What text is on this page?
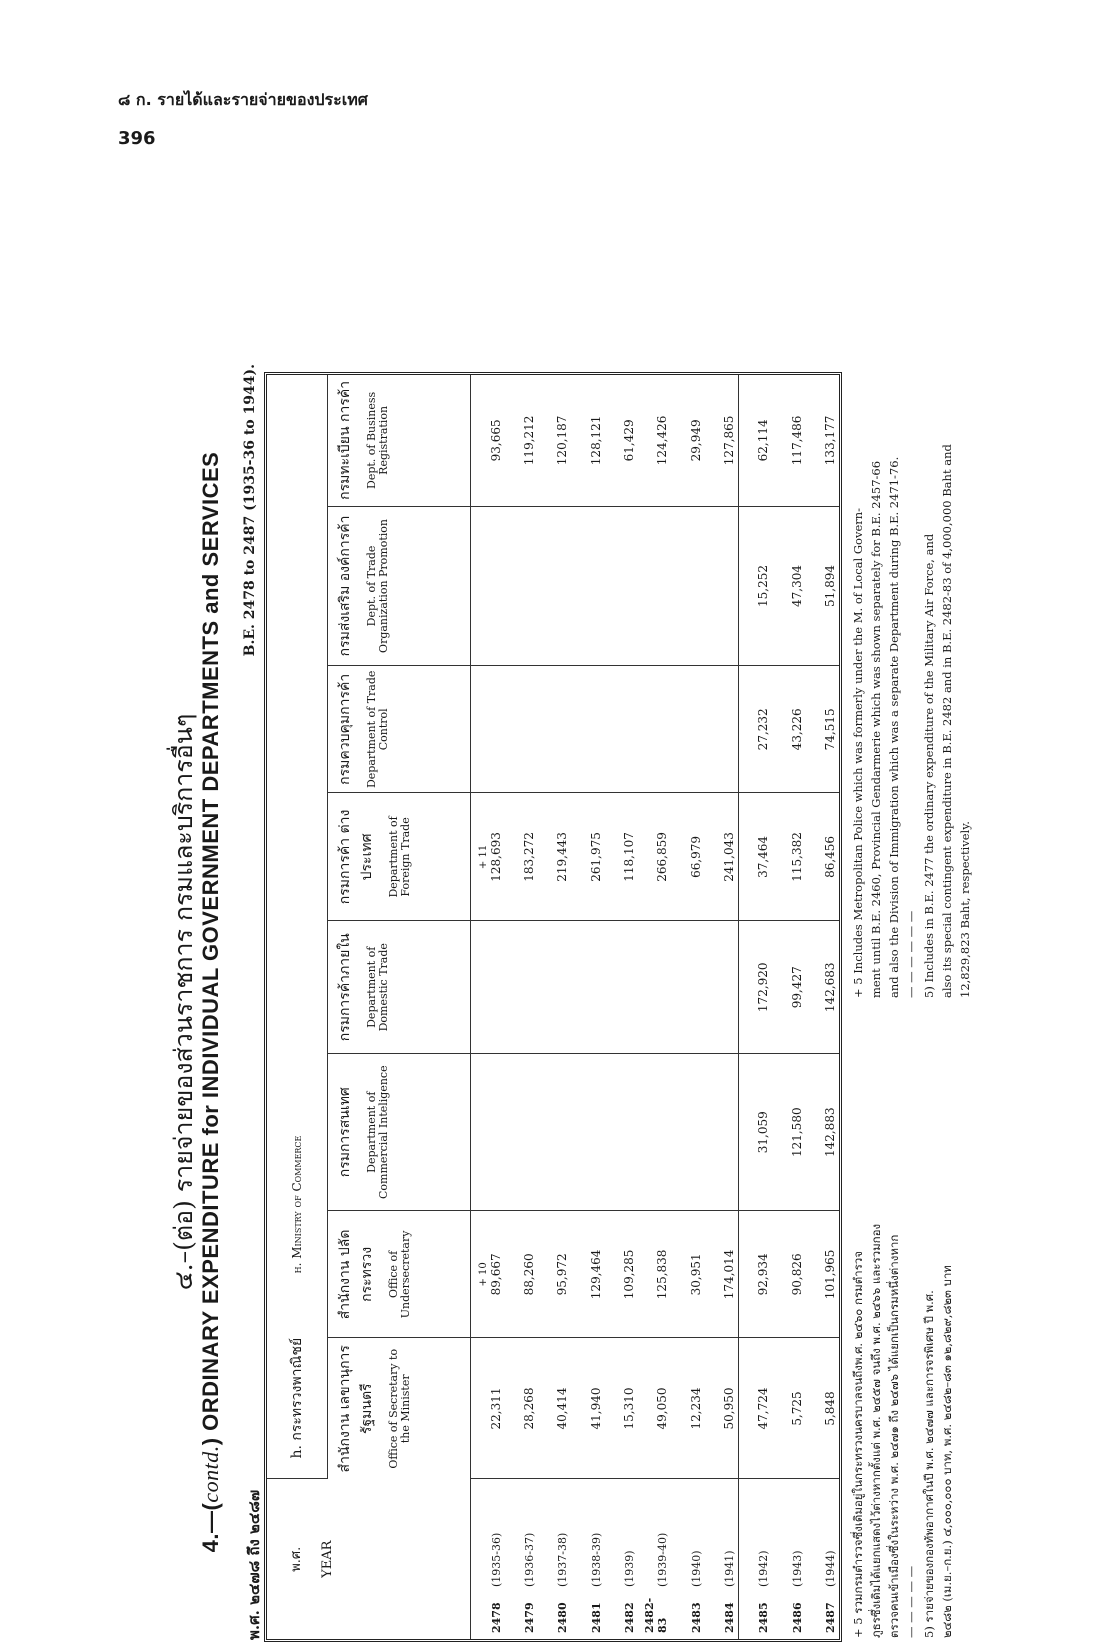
๘ ก. รายได้และรายจ่ายของประเทศ
396
๔.–(ต่อ) รายจ่ายของส่วนราชการ กรมและบริการอื่นๆ
4.—(contd.) ORDINARY EXPENDITURE for INDIVIDUAL GOVERNMENT DEPARTMENTS and SERVICES
พ.ศ. ๒๔๗๘ ถึง ๒๔๘๗
B.E. 2478 to 2487 (1935-36 to 1944).
พ.ศ. YEAR	h. กระทรวงพาณิชย์ h. Ministry of Commerce							

	สำนักงาน เลขานุการรัฐมนตรี Office of Secretary to the Minister	สำนักงาน ปลัดกระทรวง Office of Undersecretary	กรมการสนเทศ Department of Commercial Inteligence	กรมการค้าภายใน Department of Domestic Trade	กรมการค้า ต่างประเทศ Department of Foreign Trade	กรมควบคุมการค้า Department of Trade Control	กรมส่งเสริม องค์การค้า Dept. of Trade Organization Promotion	กรมทะเบียน การค้า Dept. of Business Registration

2478(1935-36)	22,311	+ 10 89,667			+ 11 128,693			93,665
2479(1936-37)	28,268	88,260			183,272			119,212
2480(1937-38)	40,414	95,972			219,443			120,187
2481(1938-39)	41,940	129,464			261,975			128,121
2482(1939)	15,310	109,285			118,107			61,429
2482-83(1939-40)	49,050	125,838			266,859			124,426
2483(1940)	12,234	30,951			66,979			29,949
2484(1941)	50,950	174,014			241,043			127,865
2485(1942)	47,724	92,934	31,059	172,920	37,464	27,232	15,252	62,114
2486(1943)	5,725	90,826	121,580	99,427	115,382	43,226	47,304	117,486
2487(1944)	5,848	101,965	142,883	142,683	86,456	74,515	51,894	133,177
+ 5 รวมกรมตำรวจซึ่งเดิมอยู่ในกระทรวงนครบาลจนถึงพ.ศ. ๒๔๖๐ กรมตำรวจ ภูธรซึ่งเดิมได้แยกแสดงไว้ต่างหากตั้งแต่ พ.ศ. ๒๔๕๗ จนถึง พ.ศ. ๒๔๖๖ และรวมกอง ตรวจคนเข้าเมืองซึ่งในระหว่าง พ.ศ. ๒๔๗๑ ถึง ๒๔๗๖ ได้แยกเป็นกรมหนึ่งต่างหาก — — — — — 5) รายจ่ายของกองทัพอากาศในปี พ.ศ. ๒๔๗๗ และการจรพิเศษ ปี พ.ศ. ๒๔๘๒ (เม.ย.–ก.ย.) ๔,๐๐๐,๐๐๐ บาท, พ.ศ. ๒๔๘๒–๘๓ ๑๒,๘๒๙,๘๒๓ บาท
+ 5 Includes Metropolitan Police which was formerly under the M. of Local Govern- ment until B.E. 2460, Provincial Gendarmerie which was shown separately for B.E. 2457-66 and also the Division of Immigration which was a separate Department during B.E. 2471-76. — — — — — — 5) Includes in B.E. 2477 the ordinary expenditure of the Military Air Force, and also its special contingent expenditure in B.E. 2482 and in B.E. 2482-83 of 4,000,000 Baht and 12,829,823 Baht, respectively.
